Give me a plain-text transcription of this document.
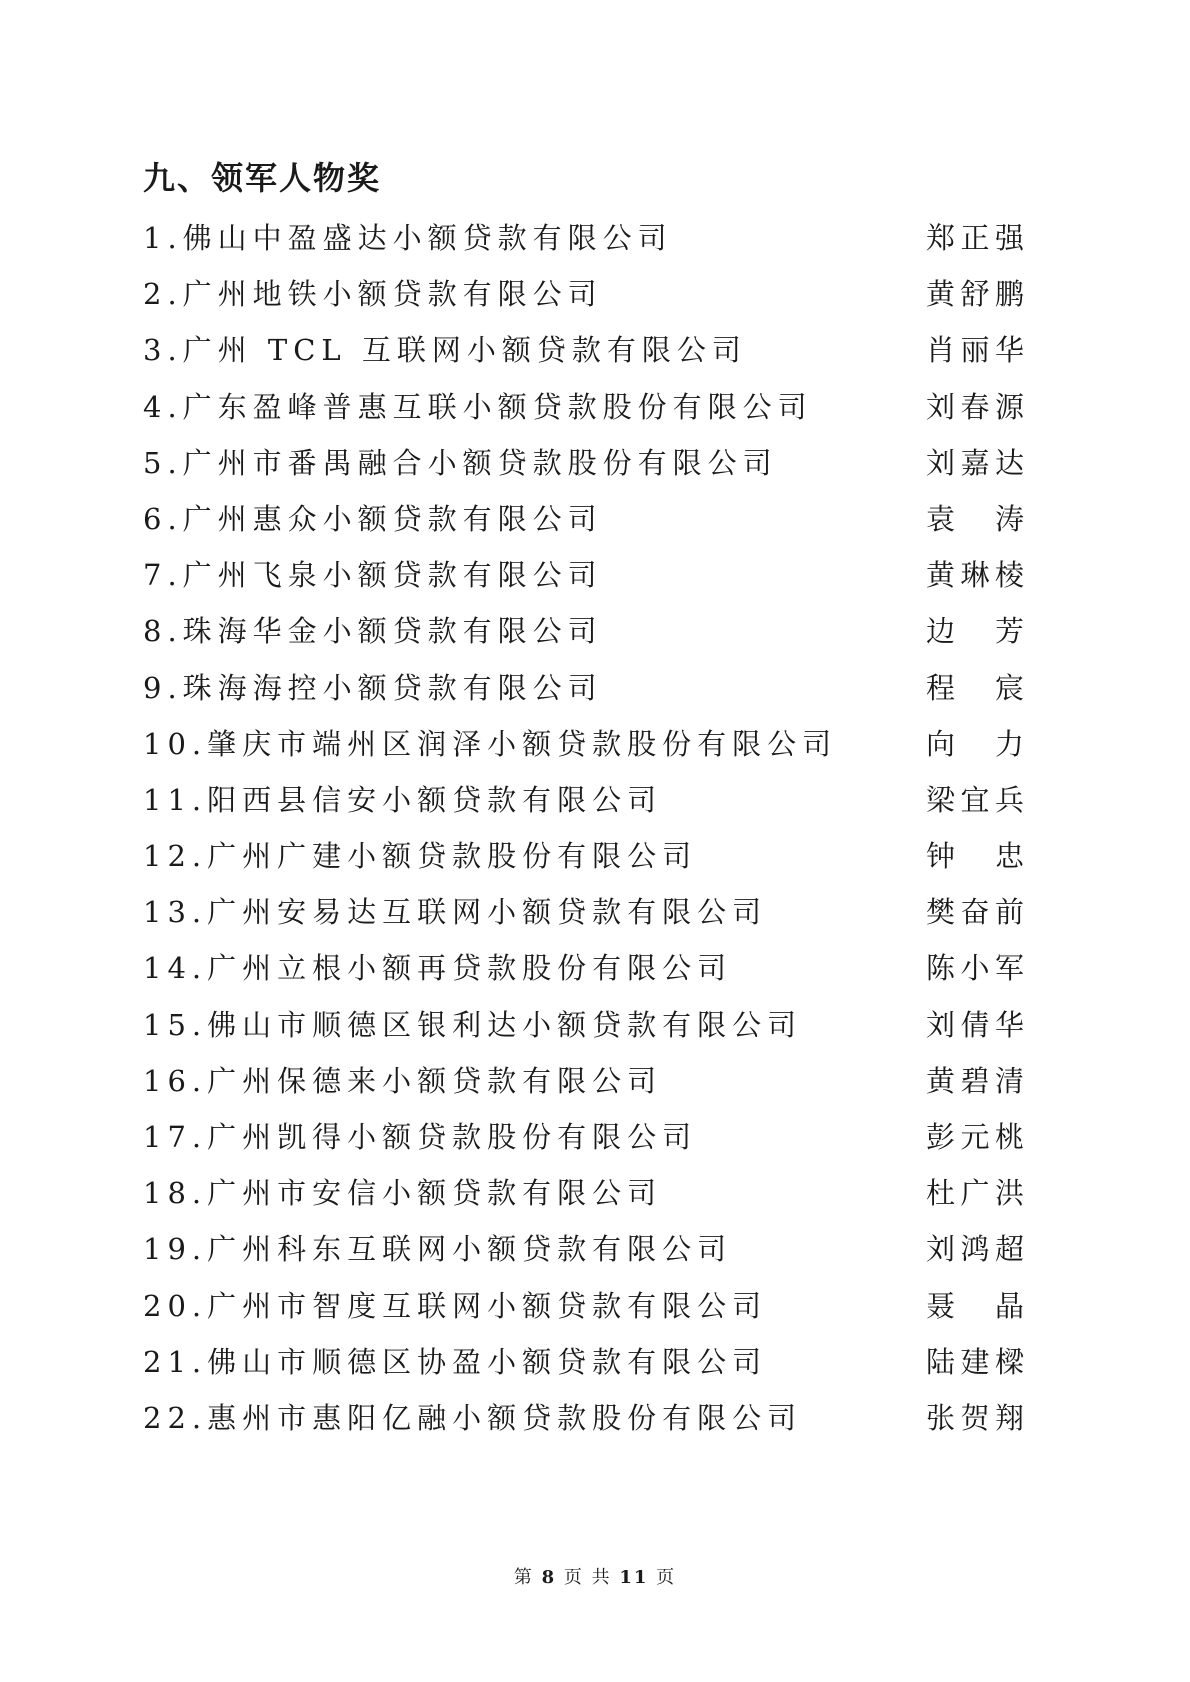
九、领军人物奖
1.佛山中盈盛达小额贷款有限公司	郑正强
2.广州地铁小额贷款有限公司	黄舒鹏
3.广州 TCL 互联网小额贷款有限公司	肖丽华
4.广东盈峰普惠互联小额贷款股份有限公司	刘春源
5.广州市番禺融合小额贷款股份有限公司	刘嘉达
6.广州惠众小额贷款有限公司	袁 涛
7.广州飞泉小额贷款有限公司	黄琳棱
8.珠海华金小额贷款有限公司	边 芳
9.珠海海控小额贷款有限公司	程 宸
10.肇庆市端州区润泽小额贷款股份有限公司	向 力
11.阳西县信安小额贷款有限公司	梁宜兵
12.广州广建小额贷款股份有限公司	钟 忠
13.广州安易达互联网小额贷款有限公司	樊奋前
14.广州立根小额再贷款股份有限公司	陈小军
15.佛山市顺德区银利达小额贷款有限公司	刘倩华
16.广州保德来小额贷款有限公司	黄碧清
17.广州凯得小额贷款股份有限公司	彭元桃
18.广州市安信小额贷款有限公司	杜广洪
19.广州科东互联网小额贷款有限公司	刘鸿超
20.广州市智度互联网小额贷款有限公司	聂 晶
21.佛山市顺德区协盈小额贷款有限公司	陆建樑
22.惠州市惠阳亿融小额贷款股份有限公司	张贺翔
第 8 页 共 11 页
